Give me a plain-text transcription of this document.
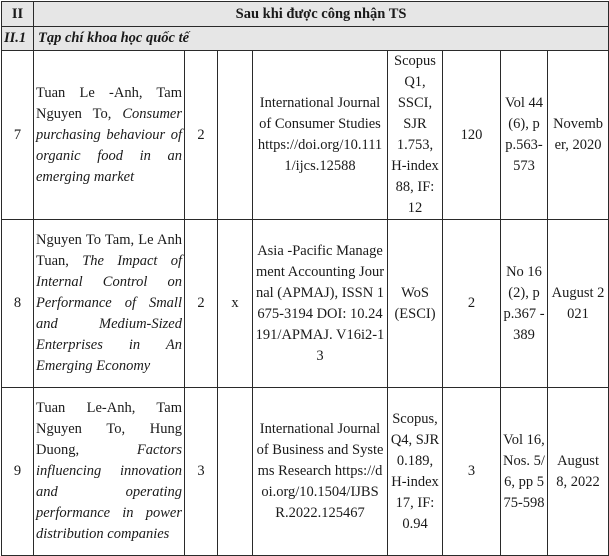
II	Sau khi được công nhận TS							
II.1	Tạp chí khoa học quốc tế							
7	Tuan Le -Anh, Tam Nguyen To, Consumer purchasing behaviour of organic food in an emerging market	2		International Journal of Consumer Studies https://doi.org/10.1111/ijcs.12588	Scopus Q1, SSCI, SJR 1.753, H-index 88, IF: 12	120	Vol 44 (6), pp.563-573	November, 2020
8	Nguyen To Tam, Le Anh Tuan, The Impact of Internal Control on Performance of Small and Medium-Sized Enterprises in An Emerging Economy	2	x	Asia -Pacific Management Accounting Journal (APMAJ), ISSN 1675-3194 DOI: 10.24191/APMAJ. V16i2-13	WoS (ESCI)	2	No 16 (2), pp.367 - 389	August 2021
9	Tuan Le-Anh, Tam Nguyen To, Hung Duong, Factors influencing innovation and operating performance in power distribution companies	3		International Journal of Business and Systems Research https://doi.org/10.1504/IJBSR.2022.125467	Scopus, Q4, SJR 0.189, H-index 17, IF: 0.94	3	Vol 16, Nos. 5/6, pp 575-598	August 8, 2022
